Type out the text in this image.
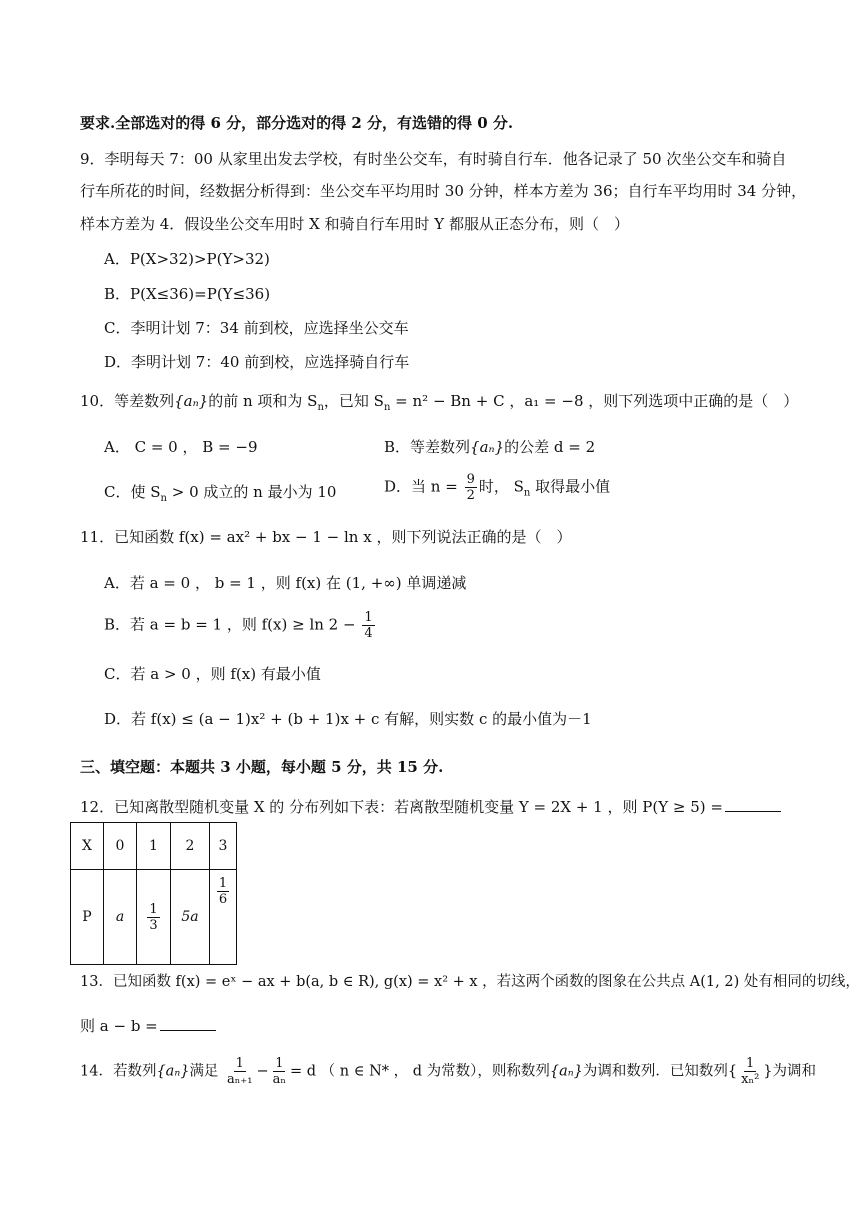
要求.全部选对的得 6 分，部分选对的得 2 分，有选错的得 0 分.
9．李明每天 7：00 从家里出发去学校，有时坐公交车，有时骑自行车．他各记录了 50 次坐公交车和骑自
行车所花的时间，经数据分析得到：坐公交车平均用时 30 分钟，样本方差为 36；自行车平均用时 34 分钟，
样本方差为 4．假设坐公交车用时 X 和骑自行车用时 Y 都服从正态分布，则（　）
A．P(X>32)>P(Y>32)
B．P(X≤36)=P(Y≤36)
C．李明计划 7：34 前到校，应选择坐公交车
D．李明计划 7：40 前到校，应选择骑自行车
10．等差数列{aₙ}的前 n 项和为 $S_n$，已知 $S_n = n^2 - Bn + C$ ，a₁ = −8 ，则下列选项中正确的是（　）
A． C = 0 ， B = −9	B．等差数列{aₙ}的公差 d = 2
C．使 $S_n > 0$ 成立的 n 最小为 10	D．当 $n = \frac{9}{2}$ 时， $S_n$ 取得最小值
11．已知函数 f(x) = ax² + bx − 1 − ln x ，则下列说法正确的是（　）
A．若 a = 0 ， b = 1 ，则 f(x) 在 (1, +∞) 单调递减
B．若 a = b = 1 ，则 $f(x) \ge \ln 2 - \frac{1}{4}$
C．若 a > 0 ，则 f(x) 有最小值
D．若 f(x) ≤ (a − 1)x² + (b + 1)x + c 有解，则实数 c 的最小值为－1
三、填空题：本题共 3 小题，每小题 5 分，共 15 分.
12．已知离散型随机变量 X 的 分布列如下表：若离散型随机变量 Y = 2X + 1 ，则 P(Y ≥ 5) =
X	0	1	2	3
P	a	$\frac{1}{3}$	5a	$\frac{1}{6}$
13．已知函数 f(x) = eˣ − ax + b(a, b ∈ R), g(x) = x² + x ，若这两个函数的图象在公共点 A(1, 2) 处有相同的切线，
则 a − b =
14．若数列{aₙ}满足 $\frac{1}{\text{aₙ₊₁}} - \frac{1}{\text{aₙ}} = d$ （ n ∈ N* ， d 为常数），则称数列{aₙ}为调和数列．已知数列{ $\frac{1}{\text{xₙ²}}$ }为调和
